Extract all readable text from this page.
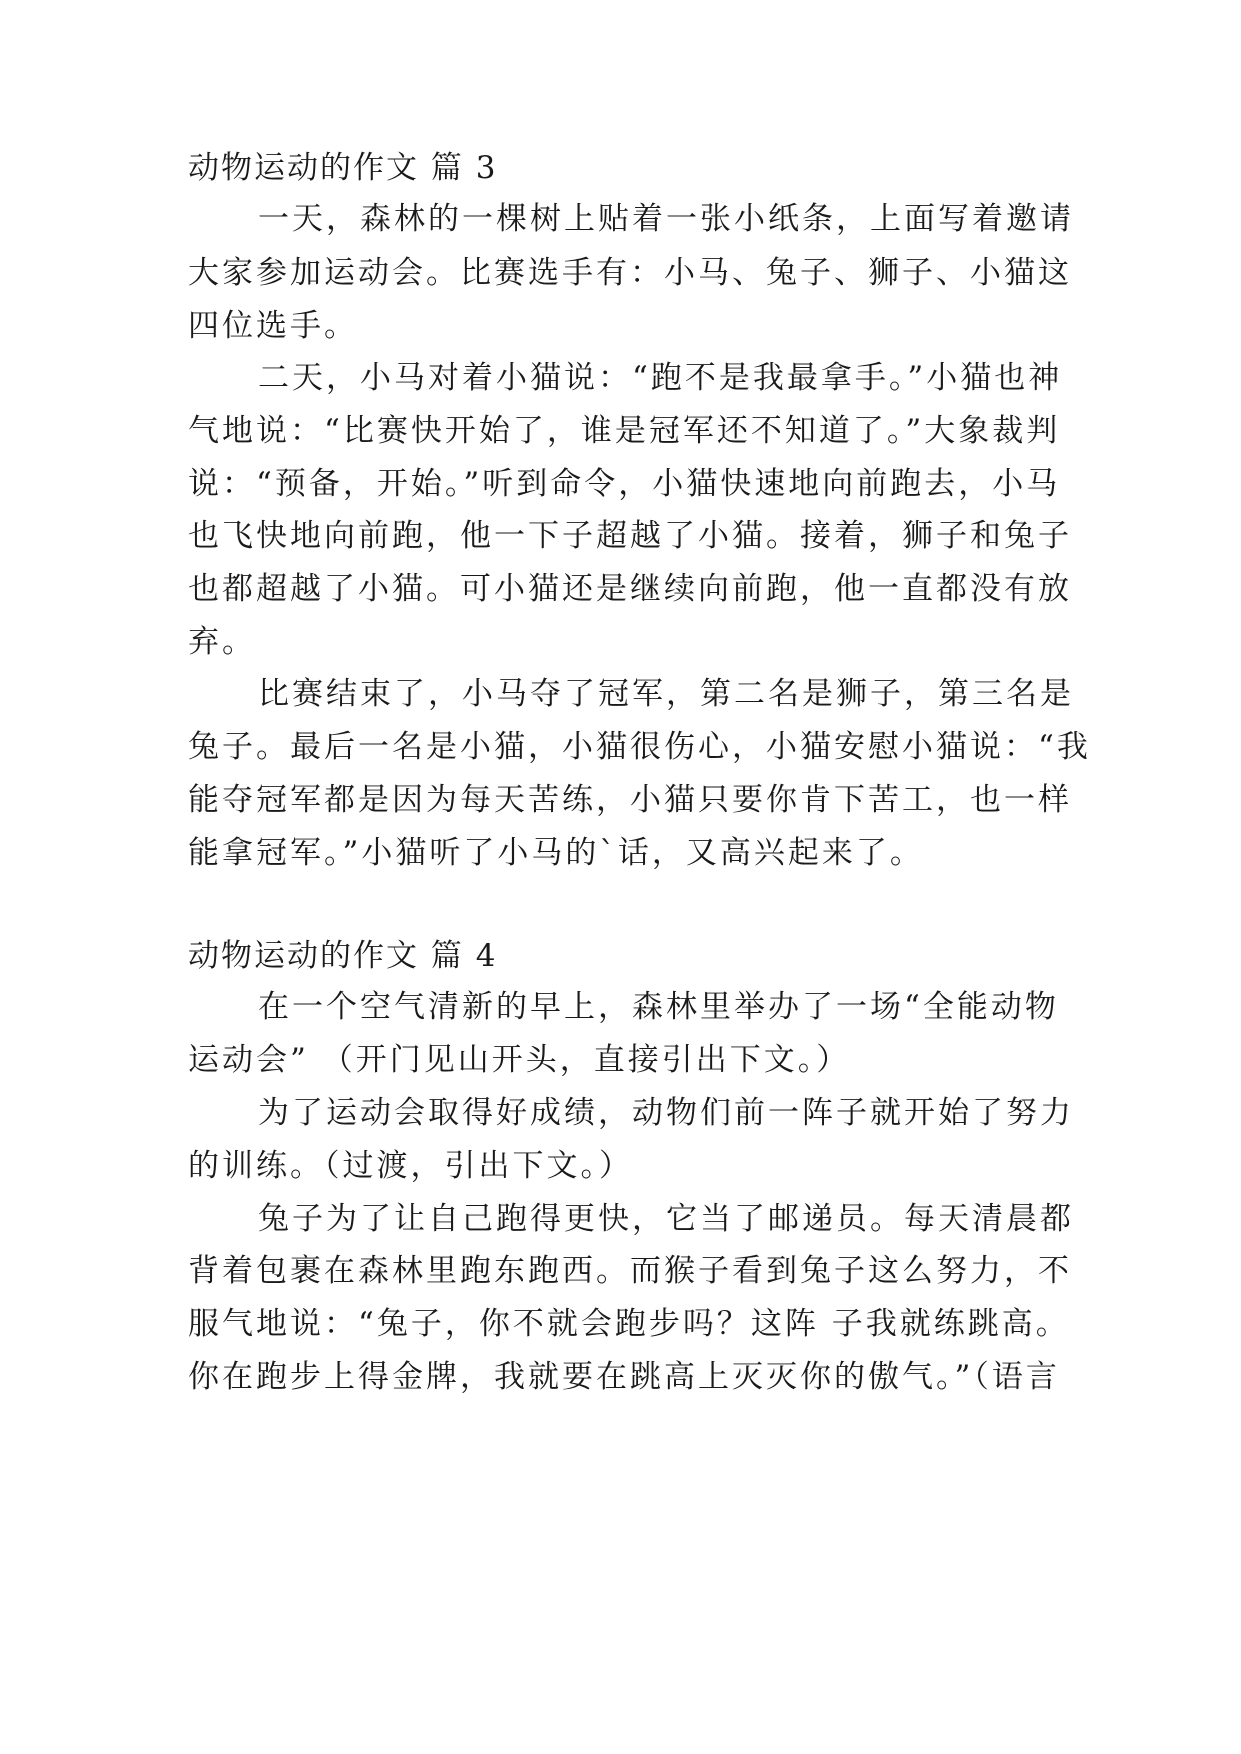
动物运动的作文 篇 3
一天，森林的一棵树上贴着一张小纸条，上面写着邀请
大家参加运动会。比赛选手有：小马、兔子、狮子、小猫这
四位选手。
二天，小马对着小猫说：“跑不是我最拿手。”小猫也神
气地说：“比赛快开始了，谁是冠军还不知道了。”大象裁判
说：“预备，开始。”听到命令，小猫快速地向前跑去，小马
也飞快地向前跑，他一下子超越了小猫。接着，狮子和兔子
也都超越了小猫。可小猫还是继续向前跑，他一直都没有放
弃。
比赛结束了，小马夺了冠军，第二名是狮子，第三名是
兔子。最后一名是小猫，小猫很伤心，小猫安慰小猫说：“我
能夺冠军都是因为每天苦练，小猫只要你肯下苦工，也一样
能拿冠军。”小猫听了小马的`话，又高兴起来了。
动物运动的作文 篇 4
在一个空气清新的早上，森林里举办了一场“全能动物
运动会” （开门见山开头，直接引出下文。）
为了运动会取得好成绩，动物们前一阵子就开始了努力
的训练。（过渡，引出下文。）
兔子为了让自己跑得更快，它当了邮递员。每天清晨都
背着包裹在森林里跑东跑西。而猴子看到兔子这么努力，不
服气地说：“兔子，你不就会跑步吗？这阵 子我就练跳高。
你在跑步上得金牌，我就要在跳高上灭灭你的傲气。”（语言
